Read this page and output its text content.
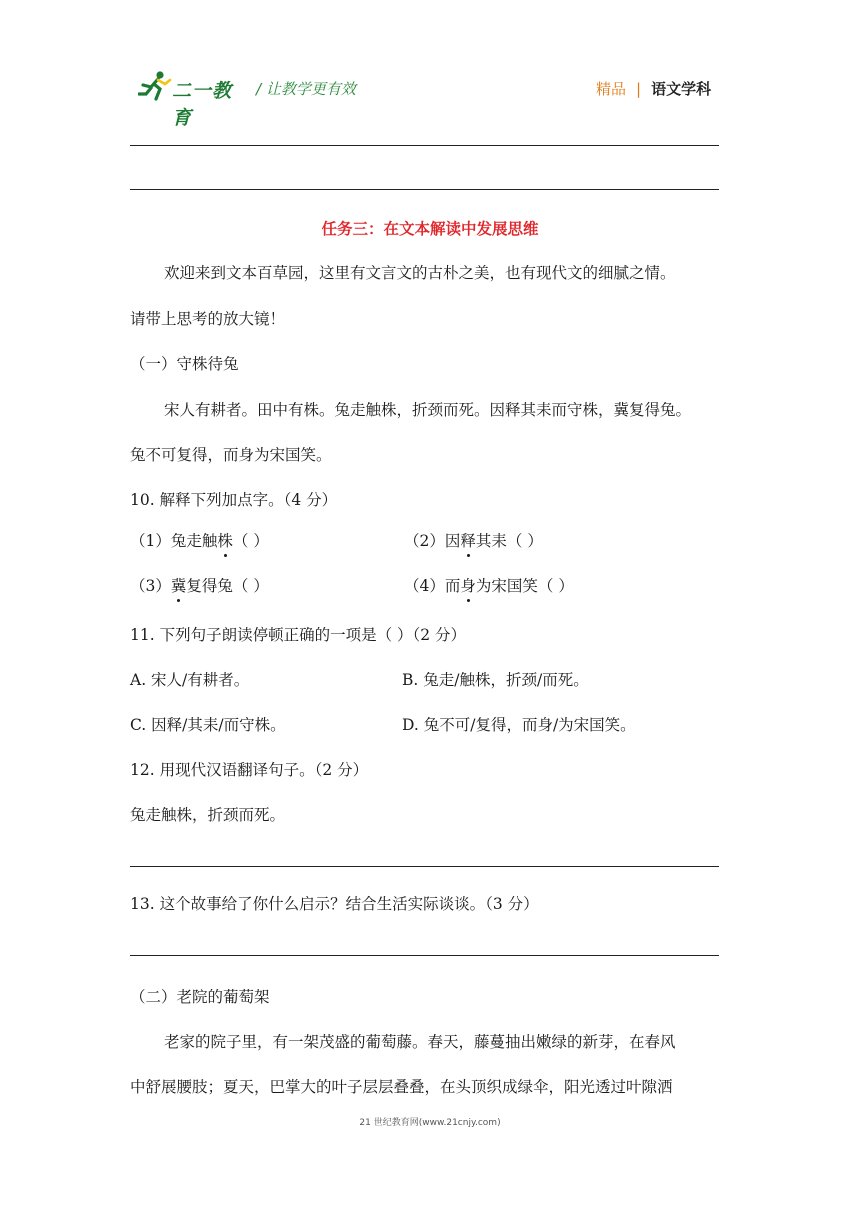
二一教育
/ 让教学更有效	精品 | 语文学科
任务三：在文本解读中发展思维
欢迎来到文本百草园，这里有文言文的古朴之美，也有现代文的细腻之情。
请带上思考的放大镜！
（一）守株待兔
宋人有耕者。田中有株。兔走触株，折颈而死。因释其耒而守株，冀复得兔。
兔不可复得，而身为宋国笑。
10. 解释下列加点字。（4 分）
（1）兔走触株（ ）	（2）因释其耒（ ）
（3）冀复得兔（ ）	（4）而身为宋国笑（ ）
11. 下列句子朗读停顿正确的一项是（ ）（2 分）
A. 宋人/有耕者。	B. 兔走/触株，折颈/而死。
C. 因释/其耒/而守株。	D. 兔不可/复得，而身/为宋国笑。
12. 用现代汉语翻译句子。（2 分）
兔走触株，折颈而死。
13. 这个故事给了你什么启示？结合生活实际谈谈。（3 分）
（二）老院的葡萄架
老家的院子里，有一架茂盛的葡萄藤。春天，藤蔓抽出嫩绿的新芽，在春风
中舒展腰肢；夏天，巴掌大的叶子层层叠叠，在头顶织成绿伞，阳光透过叶隙洒
21 世纪教育网(www.21cnjy.com)
